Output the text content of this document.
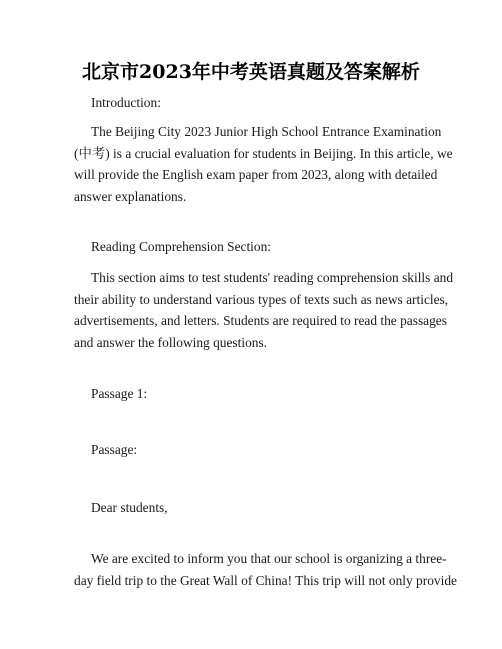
北京市2023年中考英语真题及答案解析
Introduction:
The Beijing City 2023 Junior High School Entrance Examination
(中考) is a crucial evaluation for students in Beijing. In this article, we
will provide the English exam paper from 2023, along with detailed
answer explanations.
Reading Comprehension Section:
This section aims to test students' reading comprehension skills and
their ability to understand various types of texts such as news articles,
advertisements, and letters. Students are required to read the passages
and answer the following questions.
Passage 1:
Passage:
Dear students,
We are excited to inform you that our school is organizing a three-
day field trip to the Great Wall of China! This trip will not only provide
